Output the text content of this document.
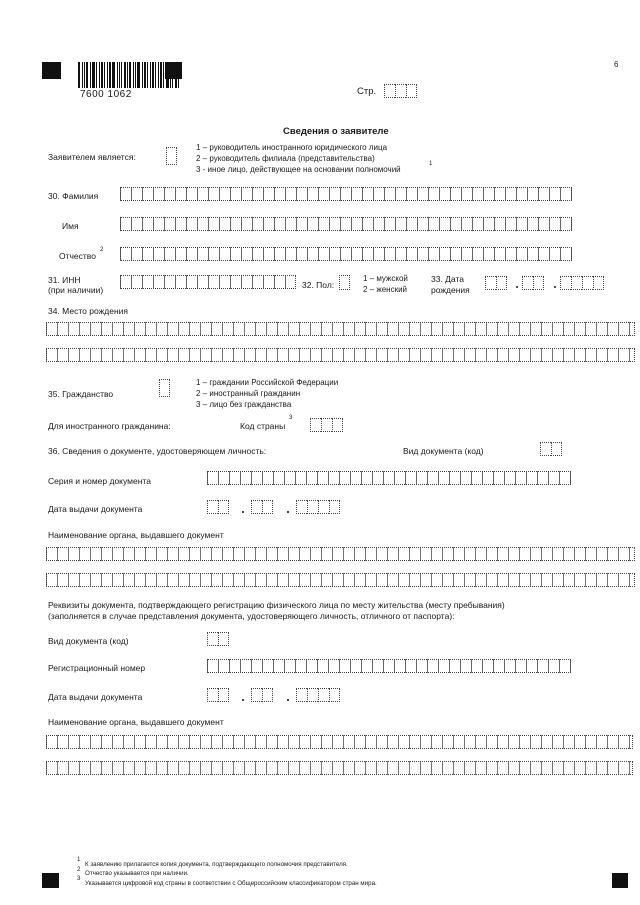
7600 1062
6
Стр.
Сведения о заявителе
Заявителем является:
1 – руководитель иностранного юридического лица
2 – руководитель филиала (представительства)
3 - иное лицо, действующее на основании полномочий
1
30. Фамилия
Имя
Отчество
2
31. ИНН
(при наличии)	32. Пол:
1 – мужской
2 – женский
33. Дата
рождения
34. Место рождения
35. Гражданство
1 – граждании Российской Федерации
2 – иностранный гражданин
3 – лицо без гражданства
Для иностранного гражданина:	Код страны
3
36. Сведения о документе, удостоверяющем личность:	Вид документа (код)
Серия и номер документа
Дата выдачи документа
Наименование органа, выдавшего документ
Реквизиты документа, подтверждающего регистрацию физического лица по месту жительства (месту пребывания)
(заполняется в случае представления документа, удостоверяющего личность, отличного от паспорта):
Вид документа (код)
Регистрационный номер
Дата выдачи документа
Наименование органа, выдавшего документ
1
К заявлению прилагается копия документа, подтверждающего полномочия представителя.
2
Отчество указывается при наличии.
3
Указывается цифровой код страны в соответствии с Общероссийским классификатором стран мира.
